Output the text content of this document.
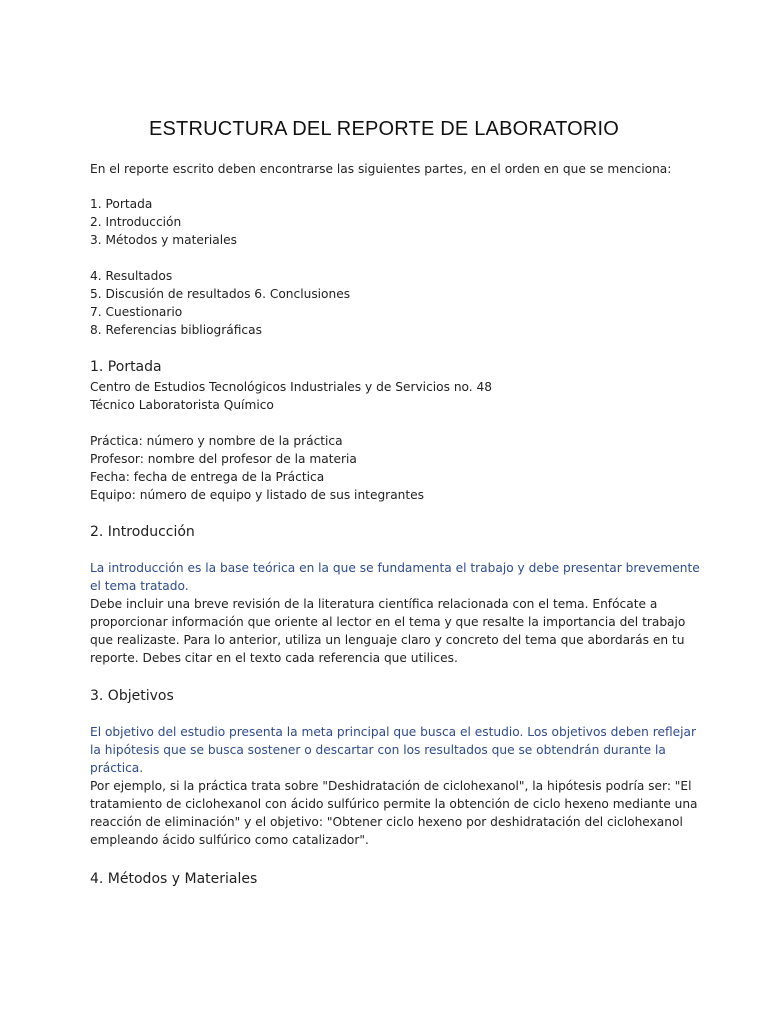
ESTRUCTURA DEL REPORTE DE LABORATORIO
En el reporte escrito deben encontrarse las siguientes partes, en el orden en que se menciona:
1. Portada
2. Introducción
3. Métodos y materiales
4. Resultados
5. Discusión de resultados 6. Conclusiones
7. Cuestionario
8. Referencias bibliográficas
1. Portada
Centro de Estudios Tecnológicos Industriales y de Servicios no. 48
Técnico Laboratorista Químico
Práctica: número y nombre de la práctica
Profesor: nombre del profesor de la materia
Fecha: fecha de entrega de la Práctica
Equipo: número de equipo y listado de sus integrantes
2. Introducción
La introducción es la base teórica en la que se fundamenta el trabajo y debe presentar brevemente
el tema tratado.
Debe incluir una breve revisión de la literatura científica relacionada con el tema. Enfócate a
proporcionar información que oriente al lector en el tema y que resalte la importancia del trabajo
que realizaste. Para lo anterior, utiliza un lenguaje claro y concreto del tema que abordarás en tu
reporte. Debes citar en el texto cada referencia que utilices.
3. Objetivos
El objetivo del estudio presenta la meta principal que busca el estudio. Los objetivos deben reflejar
la hipótesis que se busca sostener o descartar con los resultados que se obtendrán durante la
práctica.
Por ejemplo, si la práctica trata sobre "Deshidratación de ciclohexanol", la hipótesis podría ser: "El
tratamiento de ciclohexanol con ácido sulfúrico permite la obtención de ciclo hexeno mediante una
reacción de eliminación" y el objetivo: "Obtener ciclo hexeno por deshidratación del ciclohexanol
empleando ácido sulfúrico como catalizador".
4. Métodos y Materiales
